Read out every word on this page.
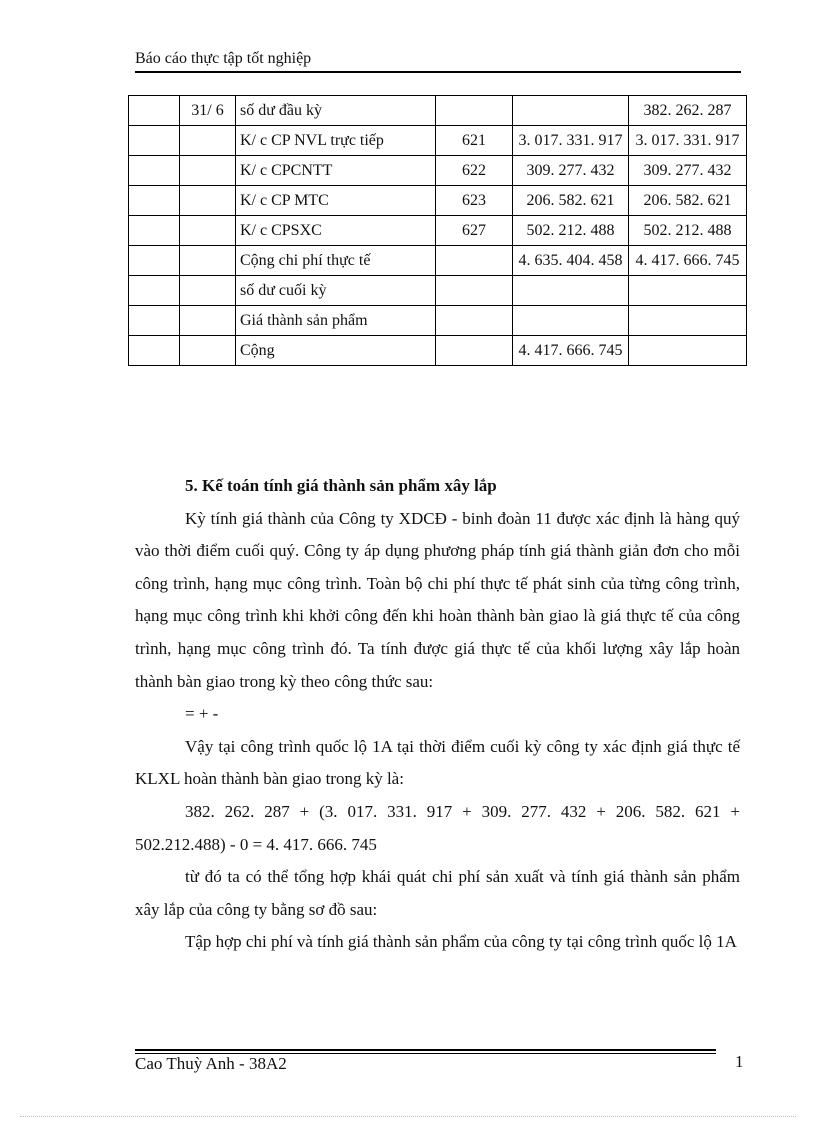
Báo cáo thực tập tốt nghiệp
	31/ 6	số dư đầu kỳ			382. 262. 287
		K/ c CP NVL trực tiếp	621	3. 017. 331. 917	3. 017. 331. 917
		K/ c CPCNTT	622	309. 277. 432	309. 277. 432
		K/ c CP MTC	623	206. 582. 621	206. 582. 621
		K/ c CPSXC	627	502. 212. 488	502. 212. 488
		Cộng chi phí thực tế		4. 635. 404. 458	4. 417. 666. 745
		số dư cuối kỳ			
		Giá thành sản phẩm			
		Cộng		4. 417. 666. 745	

5. Kế toán tính giá thành sản phẩm xây lắp

Kỳ tính giá thành của Công ty XDCĐ - binh đoàn 11 được xác định là hàng quý vào thời điểm cuối quý. Công ty áp dụng phương pháp tính giá thành giản đơn cho mỗi công trình, hạng mục công trình. Toàn bộ chi phí thực tế phát sinh của từng công trình, hạng mục công trình khi khởi công đến khi hoàn thành bàn giao là giá thực tế của công trình, hạng mục công trình đó. Ta tính được giá thực tế của khối lượng xây lắp hoàn thành bàn giao trong kỳ theo công thức sau:

= + -

Vậy tại công trình quốc lộ 1A tại thời điểm cuối kỳ công ty xác định giá thực tế KLXL hoàn thành bàn giao trong kỳ là:

382. 262. 287 + (3. 017. 331. 917 + 309. 277. 432 + 206. 582. 621 + 502.212.488) - 0 = 4. 417. 666. 745

từ đó ta có thể tổng hợp khái quát chi phí sản xuất và tính giá thành sản phẩm xây lắp của công ty bằng sơ đồ sau:

Tập hợp chi phí và tính giá thành sản phẩm của công ty tại công trình quốc lộ 1A

Cao Thuỳ Anh - 38A2	1
